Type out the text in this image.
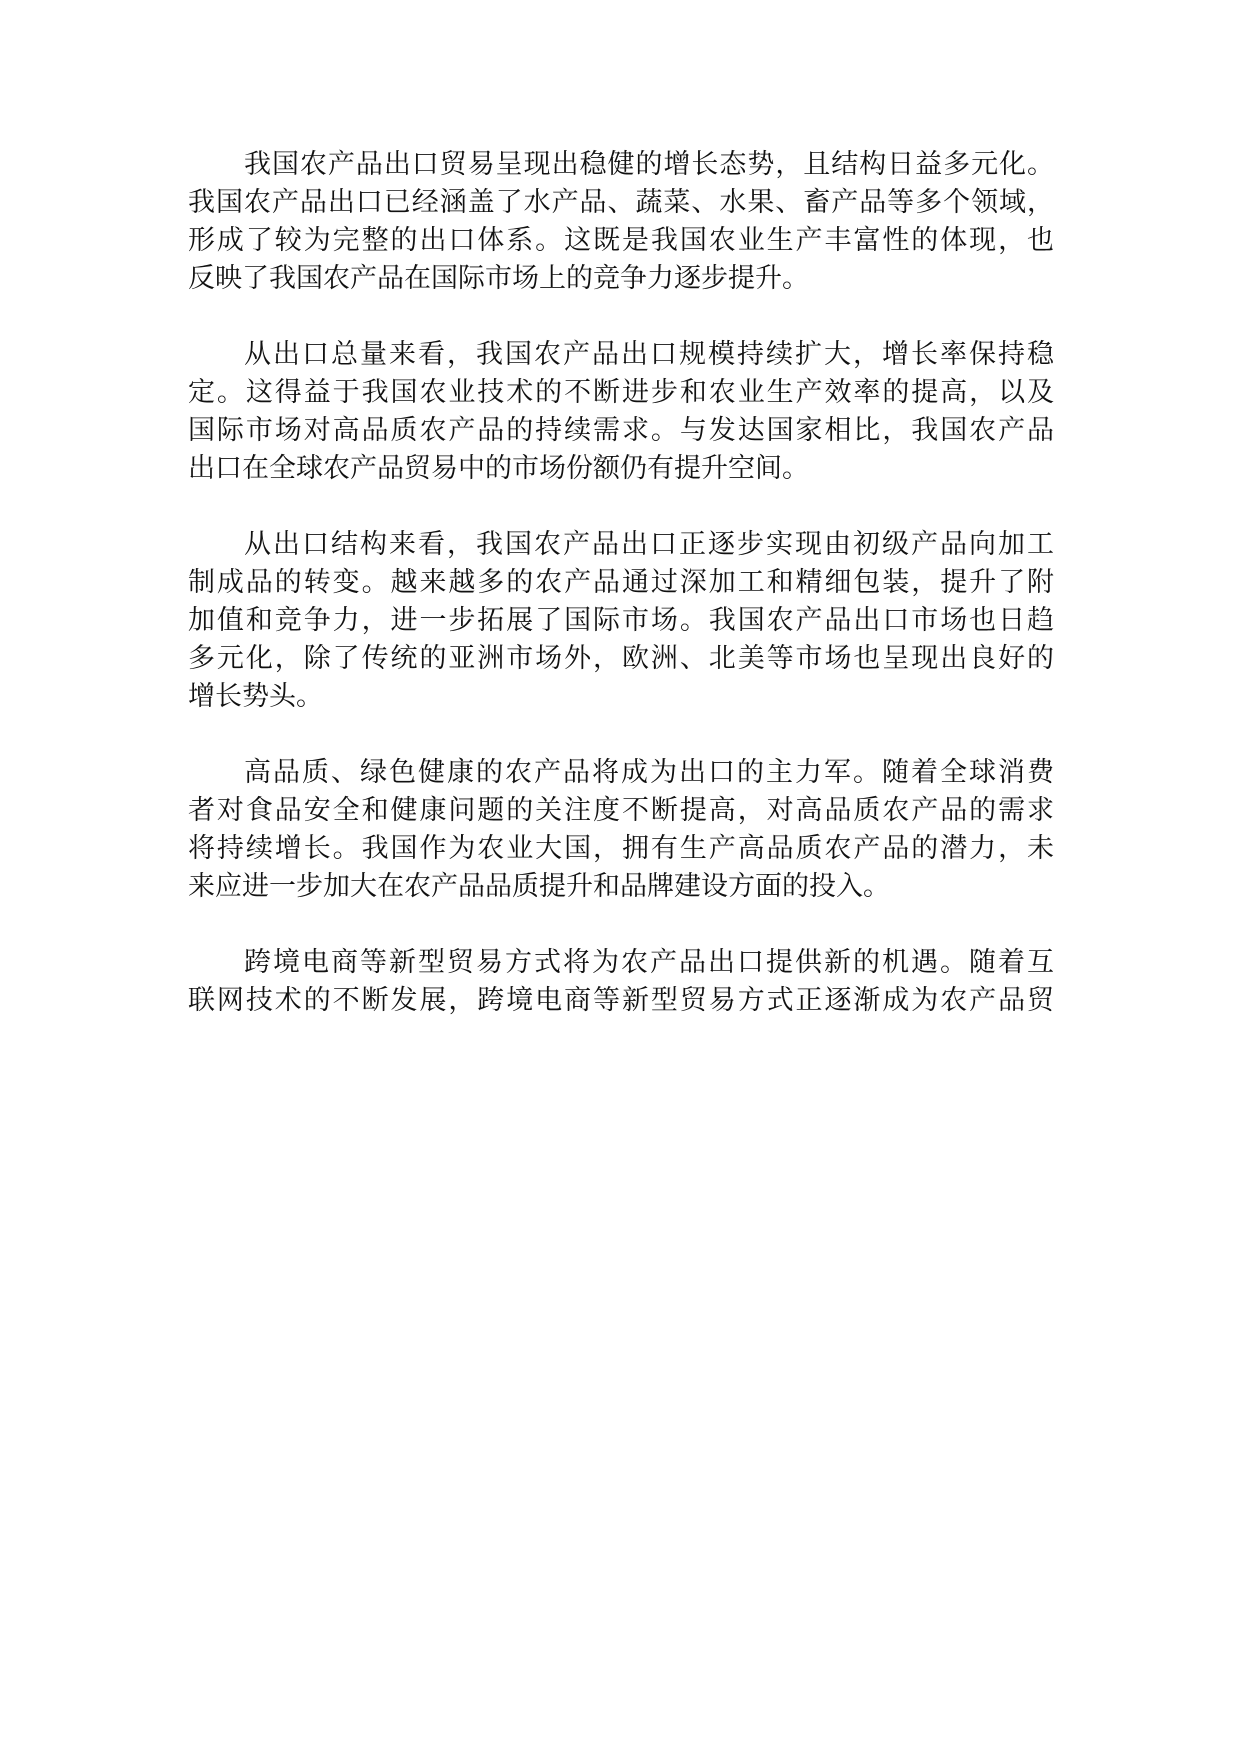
我国农产品出口贸易呈现出稳健的增长态势，且结构日益多元化。
我国农产品出口已经涵盖了水产品、蔬菜、水果、畜产品等多个领域，
形成了较为完整的出口体系。这既是我国农业生产丰富性的体现，也
反映了我国农产品在国际市场上的竞争力逐步提升。
从出口总量来看，我国农产品出口规模持续扩大，增长率保持稳
定。这得益于我国农业技术的不断进步和农业生产效率的提高，以及
国际市场对高品质农产品的持续需求。与发达国家相比，我国农产品
出口在全球农产品贸易中的市场份额仍有提升空间。
从出口结构来看，我国农产品出口正逐步实现由初级产品向加工
制成品的转变。越来越多的农产品通过深加工和精细包装，提升了附
加值和竞争力，进一步拓展了国际市场。我国农产品出口市场也日趋
多元化，除了传统的亚洲市场外，欧洲、北美等市场也呈现出良好的
增长势头。
高品质、绿色健康的农产品将成为出口的主力军。随着全球消费
者对食品安全和健康问题的关注度不断提高，对高品质农产品的需求
将持续增长。我国作为农业大国，拥有生产高品质农产品的潜力，未
来应进一步加大在农产品品质提升和品牌建设方面的投入。
跨境电商等新型贸易方式将为农产品出口提供新的机遇。随着互
联网技术的不断发展，跨境电商等新型贸易方式正逐渐成为农产品贸
